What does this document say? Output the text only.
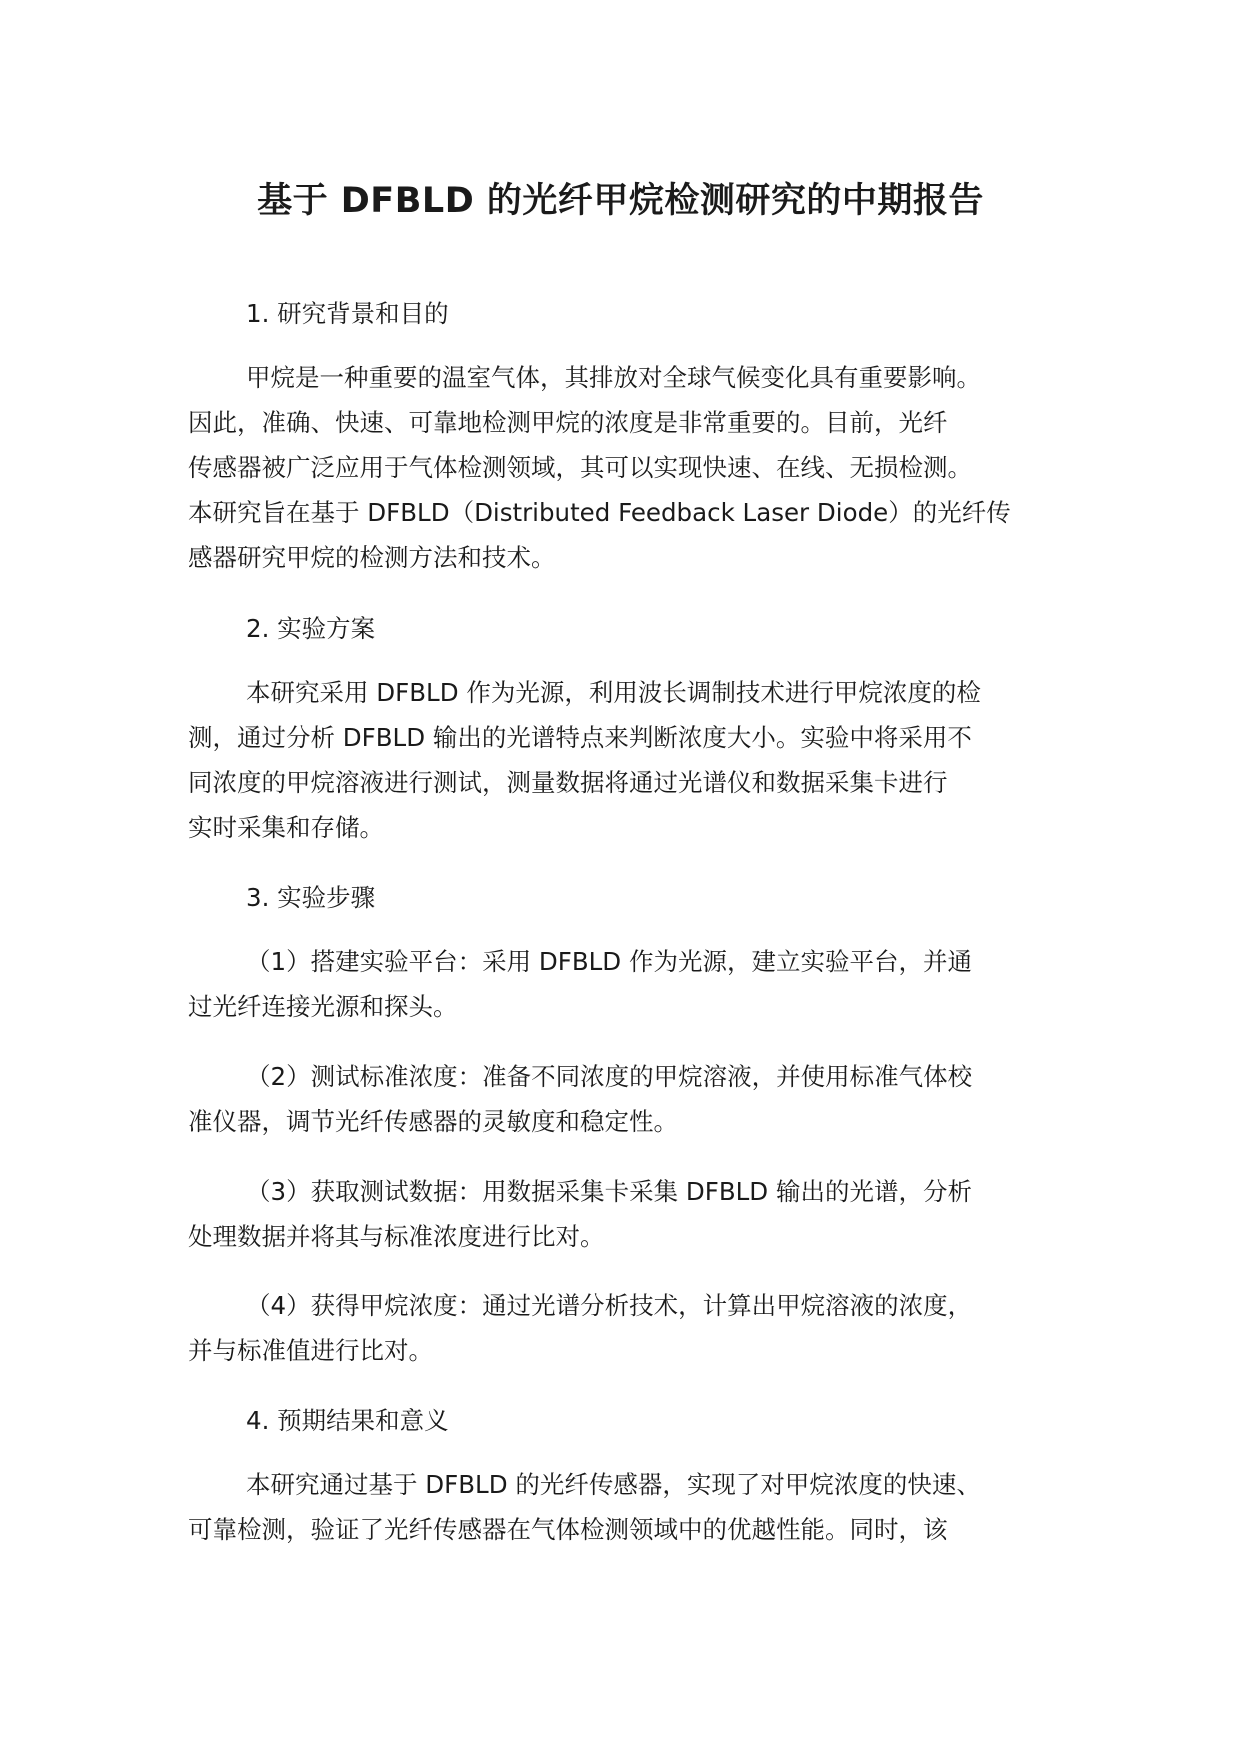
基于 DFBLD 的光纤甲烷检测研究的中期报告
1. 研究背景和目的
甲烷是一种重要的温室气体，其排放对全球气候变化具有重要影响。
因此，准确、快速、可靠地检测甲烷的浓度是非常重要的。目前，光纤
传感器被广泛应用于气体检测领域，其可以实现快速、在线、无损检测。
本研究旨在基于 DFBLD（Distributed Feedback Laser Diode）的光纤传
感器研究甲烷的检测方法和技术。
2. 实验方案
本研究采用 DFBLD 作为光源，利用波长调制技术进行甲烷浓度的检
测，通过分析 DFBLD 输出的光谱特点来判断浓度大小。实验中将采用不
同浓度的甲烷溶液进行测试，测量数据将通过光谱仪和数据采集卡进行
实时采集和存储。
3. 实验步骤
（1）搭建实验平台：采用 DFBLD 作为光源，建立实验平台，并通
过光纤连接光源和探头。
（2）测试标准浓度：准备不同浓度的甲烷溶液，并使用标准气体校
准仪器，调节光纤传感器的灵敏度和稳定性。
（3）获取测试数据：用数据采集卡采集 DFBLD 输出的光谱，分析
处理数据并将其与标准浓度进行比对。
（4）获得甲烷浓度：通过光谱分析技术，计算出甲烷溶液的浓度，
并与标准值进行比对。
4. 预期结果和意义
本研究通过基于 DFBLD 的光纤传感器，实现了对甲烷浓度的快速、
可靠检测，验证了光纤传感器在气体检测领域中的优越性能。同时，该
